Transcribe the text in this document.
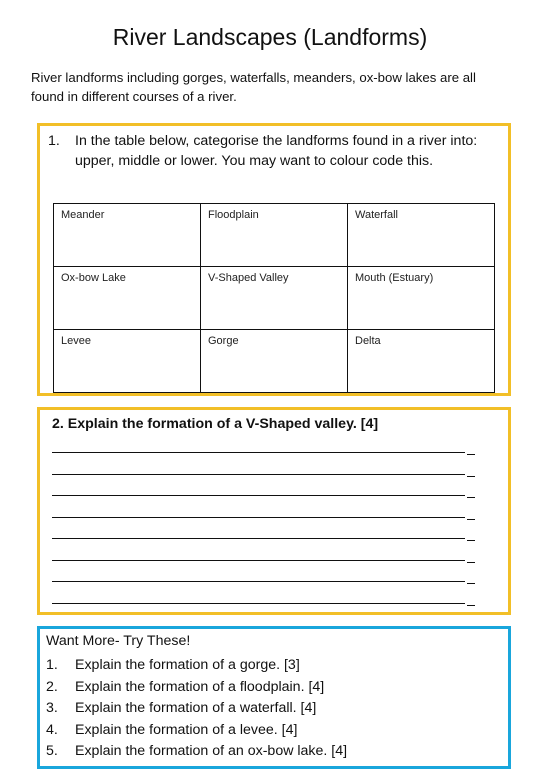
River Landscapes (Landforms)
River landforms including gorges, waterfalls, meanders, ox-bow lakes are all found in different courses of a river.
1. In the table below, categorise the landforms found in a river into: upper, middle or lower. You may want to colour code this.
Meander	Floodplain	Waterfall
Ox-bow Lake	V-Shaped Valley	Mouth (Estuary)
Levee	Gorge	Delta
2. Explain the formation of a V-Shaped valley. [4]
Want More- Try These!
1. Explain the formation of a gorge. [3]
2. Explain the formation of a floodplain. [4]
3. Explain the formation of a waterfall. [4]
4. Explain the formation of a levee. [4]
5. Explain the formation of an ox-bow lake. [4]
